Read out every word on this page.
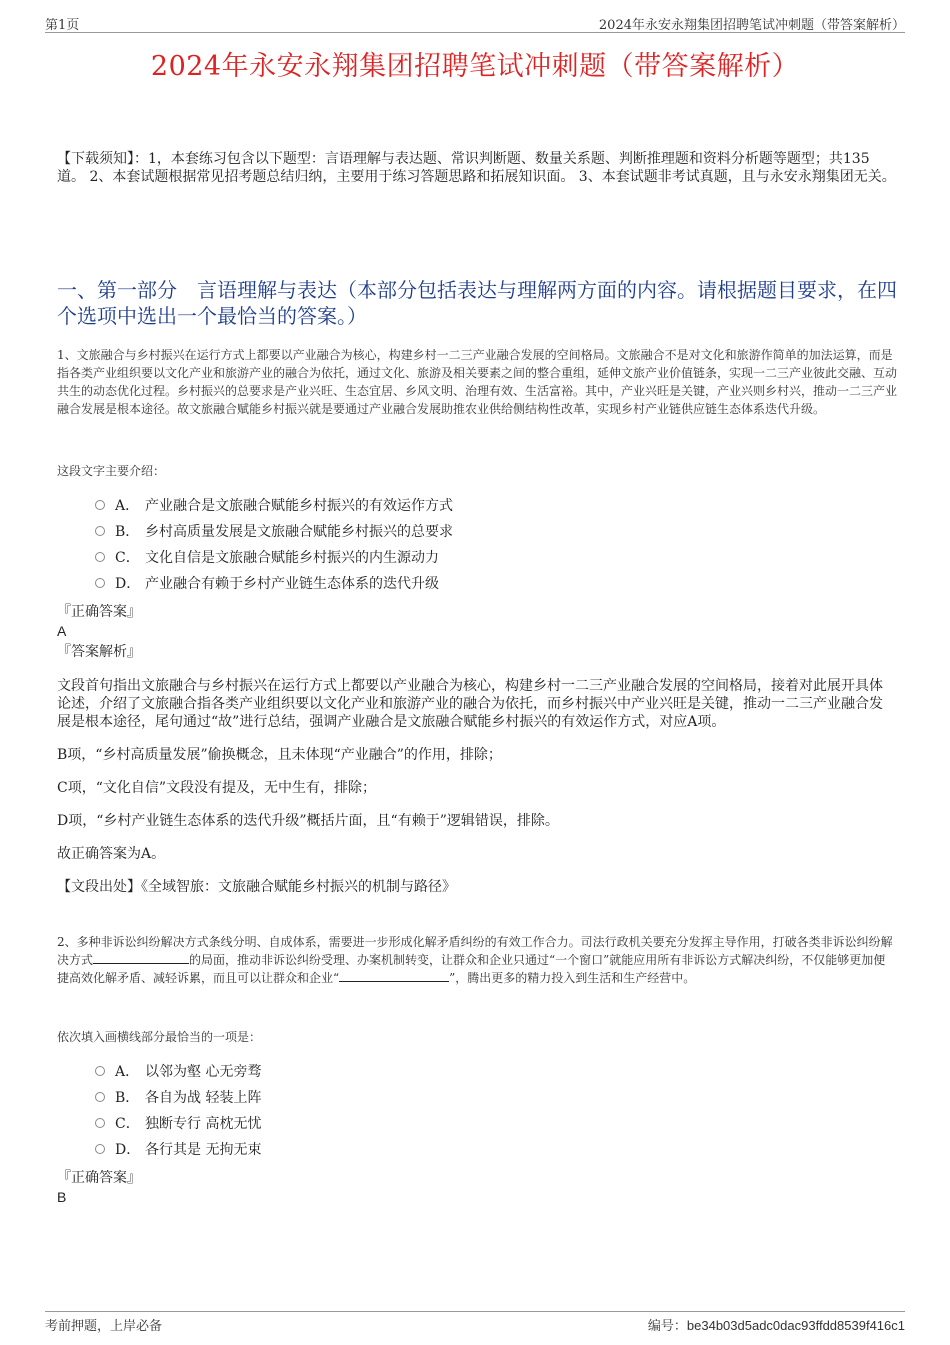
第1页	2024年永安永翔集团招聘笔试冲刺题（带答案解析）
2024年永安永翔集团招聘笔试冲刺题（带答案解析）
【下载须知】：1，本套练习包含以下题型：言语理解与表达题、常识判断题、数量关系题、判断推理题和资料分析题等题型；共135道。 2、本套试题根据常见招考题总结归纳，主要用于练习答题思路和拓展知识面。 3、本套试题非考试真题，且与永安永翔集团无关。
一、第一部分　言语理解与表达（本部分包括表达与理解两方面的内容。请根据题目要求，在四个选项中选出一个最恰当的答案。）
1、文旅融合与乡村振兴在运行方式上都要以产业融合为核心，构建乡村一二三产业融合发展的空间格局。文旅融合不是对文化和旅游作简单的加法运算，而是指各类产业组织要以文化产业和旅游产业的融合为依托，通过文化、旅游及相关要素之间的整合重组，延伸文旅产业价值链条，实现一二三产业彼此交融、互动共生的动态优化过程。乡村振兴的总要求是产业兴旺、生态宜居、乡风文明、治理有效、生活富裕。其中，产业兴旺是关键，产业兴则乡村兴，推动一二三产业融合发展是根本途径。故文旅融合赋能乡村振兴就是要通过产业融合发展助推农业供给侧结构性改革，实现乡村产业链供应链生态体系迭代升级。
这段文字主要介绍：
A． 产业融合是文旅融合赋能乡村振兴的有效运作方式
B． 乡村高质量发展是文旅融合赋能乡村振兴的总要求
C． 文化自信是文旅融合赋能乡村振兴的内生源动力
D． 产业融合有赖于乡村产业链生态体系的迭代升级
『正确答案』
A
『答案解析』

文段首句指出文旅融合与乡村振兴在运行方式上都要以产业融合为核心，构建乡村一二三产业融合发展的空间格局，接着对此展开具体论述，介绍了文旅融合指各类产业组织要以文化产业和旅游产业的融合为依托，而乡村振兴中产业兴旺是关键，推动一二三产业融合发展是根本途径，尾句通过“故”进行总结，强调产业融合是文旅融合赋能乡村振兴的有效运作方式，对应A项。

B项，“乡村高质量发展”偷换概念，且未体现“产业融合”的作用，排除；

C项，“文化自信”文段没有提及，无中生有，排除；

D项，“乡村产业链生态体系的迭代升级”概括片面，且“有赖于”逻辑错误，排除。

故正确答案为A。

【文段出处】《全域智旅：文旅融合赋能乡村振兴的机制与路径》

2、多种非诉讼纠纷解决方式条线分明、自成体系，需要进一步形成化解矛盾纠纷的有效工作合力。司法行政机关要充分发挥主导作用，打破各类非诉讼纠纷解决方式	的局面，推动非诉讼纠纷受理、办案机制转变，让群众和企业只通过“一个窗口”就能应用所有非诉讼方式解决纠纷，不仅能够更加便捷高效化解矛盾、减轻诉累，而且可以让群众和企业“	”，腾出更多的精力投入到生活和生产经营中。
依次填入画横线部分最恰当的一项是：
A． 以邻为壑 心无旁骛
B． 各自为战 轻装上阵
C． 独断专行 高枕无忧
D． 各行其是 无拘无束
『正确答案』
B
考前押题，上岸必备	编号：be34b03d5adc0dac93ffdd8539f416c1
